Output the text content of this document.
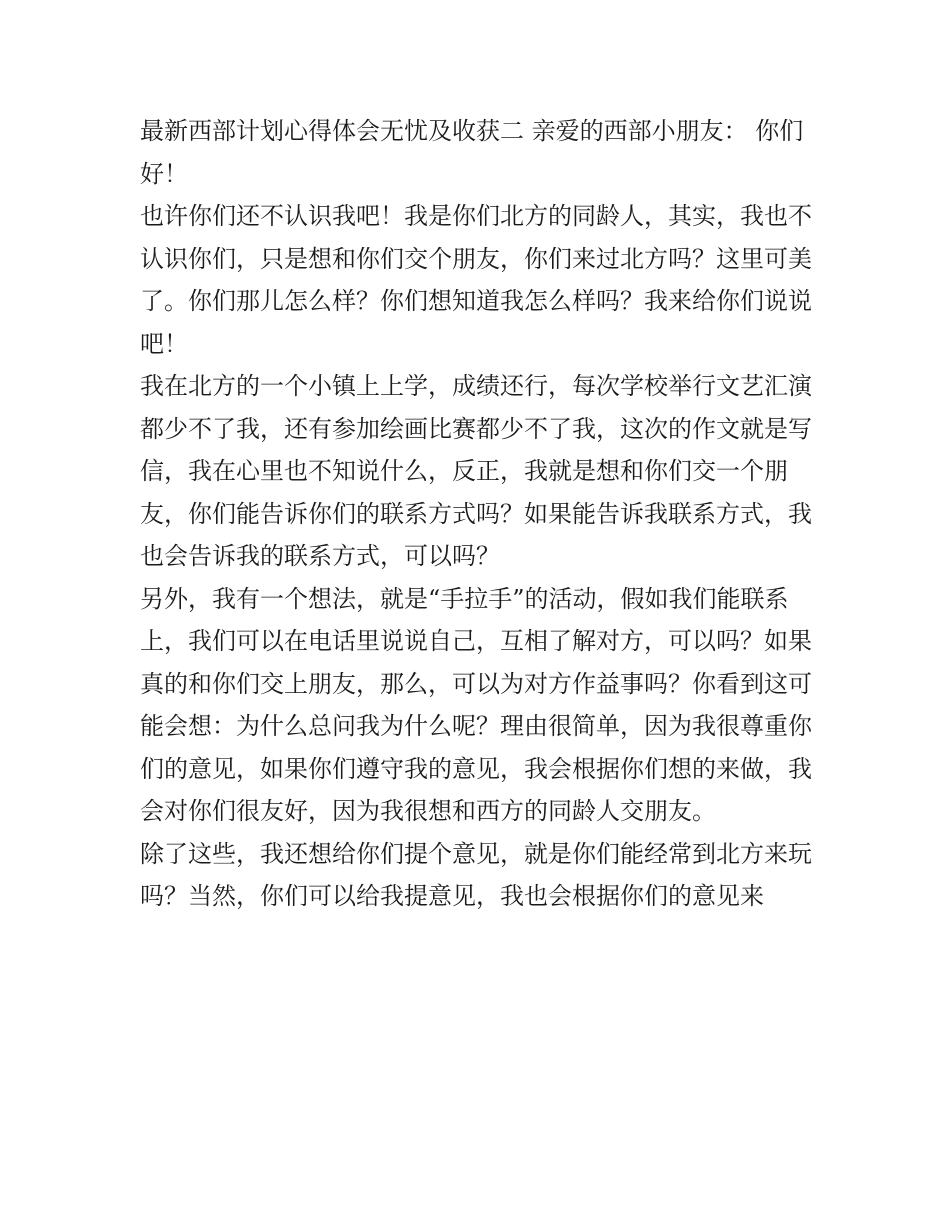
最新西部计划心得体会无忧及收获二 亲爱的西部小朋友： 你们好！

也许你们还不认识我吧！我是你们北方的同龄人，其实，我也不认识你们，只是想和你们交个朋友，你们来过北方吗？这里可美了。你们那儿怎么样？你们想知道我怎么样吗？我来给你们说说吧！

我在北方的一个小镇上上学，成绩还行，每次学校举行文艺汇演都少不了我，还有参加绘画比赛都少不了我，这次的作文就是写信，我在心里也不知说什么，反正，我就是想和你们交一个朋友，你们能告诉你们的联系方式吗？如果能告诉我联系方式，我也会告诉我的联系方式，可以吗？

另外，我有一个想法，就是“手拉手”的活动，假如我们能联系上，我们可以在电话里说说自己，互相了解对方，可以吗？如果真的和你们交上朋友，那么，可以为对方作益事吗？你看到这可能会想：为什么总问我为什么呢？理由很简单，因为我很尊重你们的意见，如果你们遵守我的意见，我会根据你们想的来做，我会对你们很友好，因为我很想和西方的同龄人交朋友。

除了这些，我还想给你们提个意见，就是你们能经常到北方来玩吗？当然，你们可以给我提意见，我也会根据你们的意见来
